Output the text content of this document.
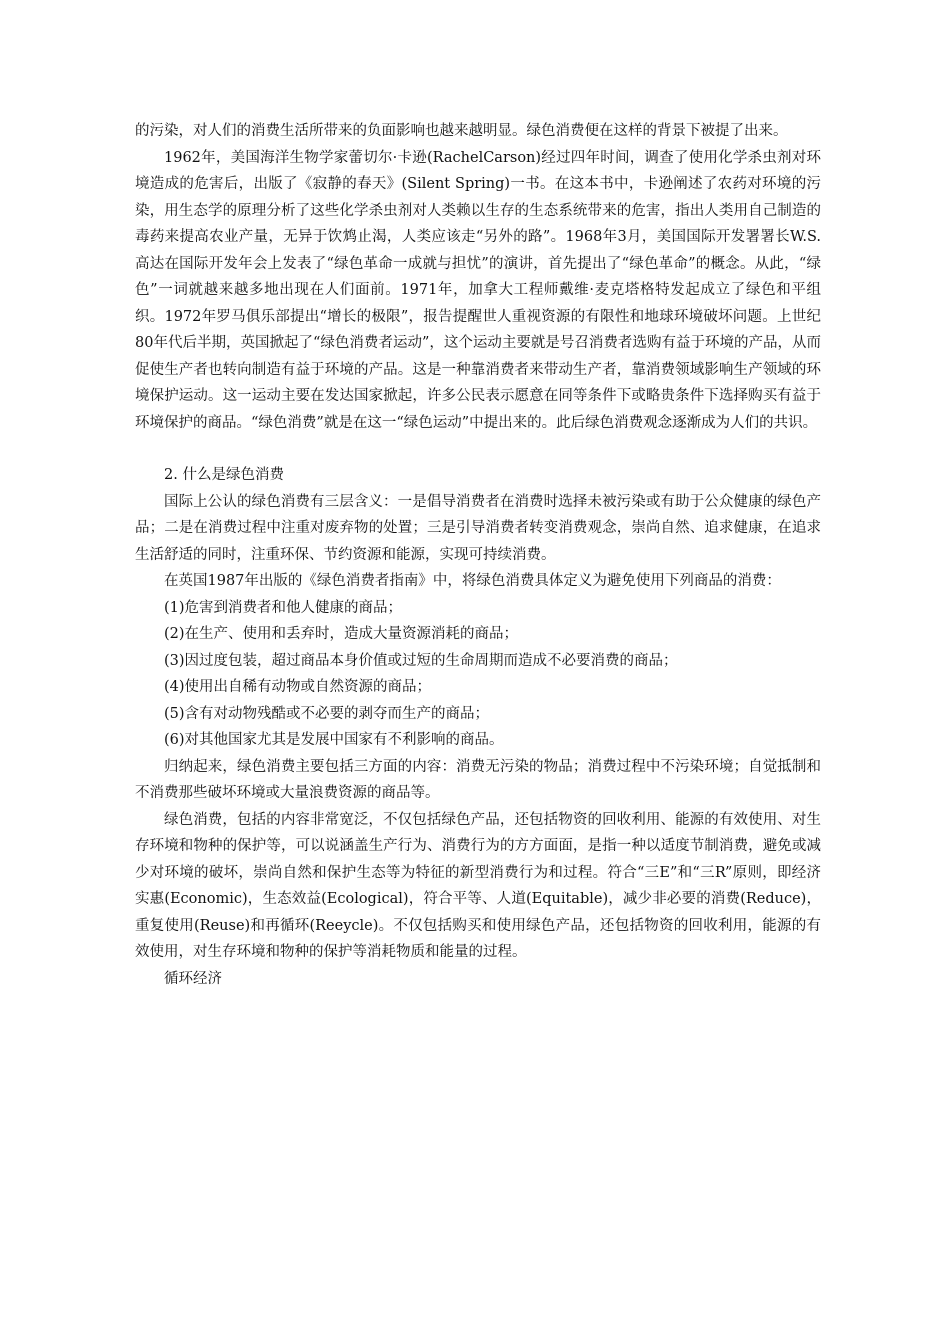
的污染，对人们的消费生活所带来的负面影响也越来越明显。绿色消费便在这样的背景下被提了出来。

1962年，美国海洋生物学家蕾切尔·卡逊(RachelCarson)经过四年时间，调查了使用化学杀虫剂对环境造成的危害后，出版了《寂静的春天》(Silent Spring)一书。在这本书中，卡逊阐述了农药对环境的污染，用生态学的原理分析了这些化学杀虫剂对人类赖以生存的生态系统带来的危害，指出人类用自己制造的毒药来提高农业产量，无异于饮鸩止渴，人类应该走“另外的路”。1968年3月，美国国际开发署署长W.S.高达在国际开发年会上发表了“绿色革命一成就与担忧”的演讲，首先提出了“绿色革命”的概念。从此，“绿色”一词就越来越多地出现在人们面前。1971年，加拿大工程师戴维·麦克塔格特发起成立了绿色和平组织。1972年罗马俱乐部提出“增长的极限”，报告提醒世人重视资源的有限性和地球环境破坏问题。上世纪80年代后半期，英国掀起了“绿色消费者运动”，这个运动主要就是号召消费者选购有益于环境的产品，从而促使生产者也转向制造有益于环境的产品。这是一种靠消费者来带动生产者，靠消费领域影响生产领域的环境保护运动。这一运动主要在发达国家掀起，许多公民表示愿意在同等条件下或略贵条件下选择购买有益于环境保护的商品。“绿色消费”就是在这一“绿色运动”中提出来的。此后绿色消费观念逐渐成为人们的共识。

2. 什么是绿色消费

国际上公认的绿色消费有三层含义：一是倡导消费者在消费时选择未被污染或有助于公众健康的绿色产品；二是在消费过程中注重对废弃物的处置；三是引导消费者转变消费观念，崇尚自然、追求健康，在追求生活舒适的同时，注重环保、节约资源和能源，实现可持续消费。

在英国1987年出版的《绿色消费者指南》中，将绿色消费具体定义为避免使用下列商品的消费：

(1)危害到消费者和他人健康的商品；

(2)在生产、使用和丢弃时，造成大量资源消耗的商品；

(3)因过度包装，超过商品本身价值或过短的生命周期而造成不必要消费的商品；

(4)使用出自稀有动物或自然资源的商品；

(5)含有对动物残酷或不必要的剥夺而生产的商品；

(6)对其他国家尤其是发展中国家有不利影响的商品。

归纳起来，绿色消费主要包括三方面的内容：消费无污染的物品；消费过程中不污染环境；自觉抵制和不消费那些破坏环境或大量浪费资源的商品等。

绿色消费，包括的内容非常宽泛，不仅包括绿色产品，还包括物资的回收利用、能源的有效使用、对生存环境和物种的保护等，可以说涵盖生产行为、消费行为的方方面面，是指一种以适度节制消费，避免或减少对环境的破坏，崇尚自然和保护生态等为特征的新型消费行为和过程。符合“三E”和“三R”原则，即经济实惠(Economic)，生态效益(Ecological)，符合平等、人道(Equitable)，减少非必要的消费(Reduce)，重复使用(Reuse)和再循环(Reeycle)。不仅包括购买和使用绿色产品，还包括物资的回收利用，能源的有效使用，对生存环境和物种的保护等消耗物质和能量的过程。

循环经济
